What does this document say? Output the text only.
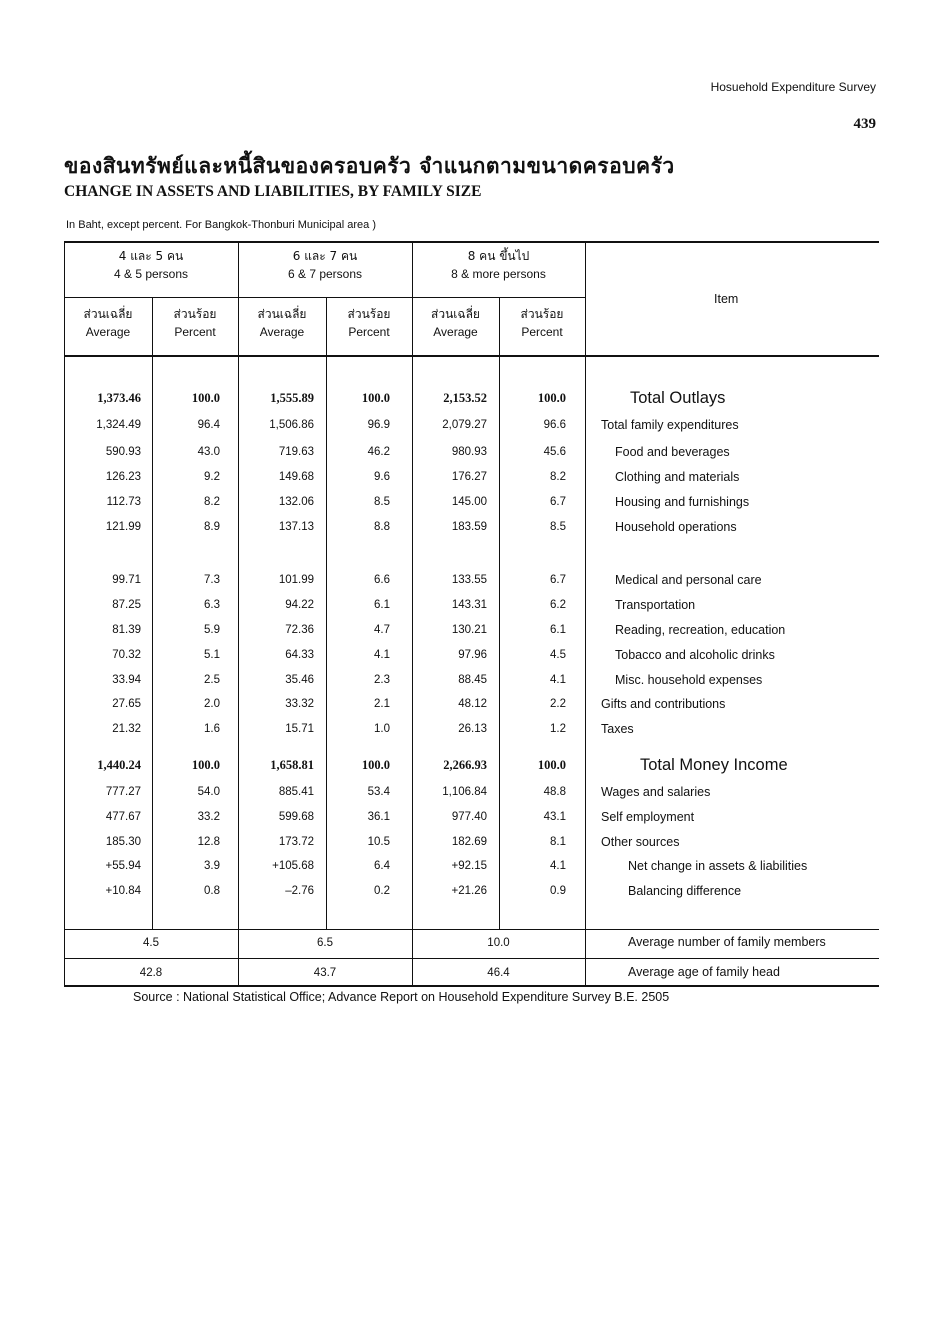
Hosuehold Expenditure Survey
439
ของสินทรัพย์และหนี้สินของครอบครัว จำแนกตามขนาดครอบครัว
CHANGE IN ASSETS AND LIABILITIES, BY FAMILY SIZE
In Baht, except percent. For Bangkok-Thonburi Municipal area )
4 และ 5 คน
4 & 5 persons
6 และ 7 คน
6 & 7 persons
8 คน ขึ้นไป
8 & more persons
ส่วนเฉลี่ย
Average
ส่วนร้อย
Percent
ส่วนเฉลี่ย
Average
ส่วนร้อย
Percent
ส่วนเฉลี่ย
Average
ส่วนร้อย
Percent
Item
1,373.46	100.0	1,555.89	100.0	2,153.52	100.0	Total Outlays
1,324.49	96.4	1,506.86	96.9	2,079.27	96.6	Total family expenditures
590.93	43.0	719.63	46.2	980.93	45.6	Food and beverages
126.23	9.2	149.68	9.6	176.27	8.2	Clothing and materials
112.73	8.2	132.06	8.5	145.00	6.7	Housing and furnishings
121.99	8.9	137.13	8.8	183.59	8.5	Household operations
99.71	7.3	101.99	6.6	133.55	6.7	Medical and personal care
87.25	6.3	94.22	6.1	143.31	6.2	Transportation
81.39	5.9	72.36	4.7	130.21	6.1	Reading, recreation, education
70.32	5.1	64.33	4.1	97.96	4.5	Tobacco and alcoholic drinks
33.94	2.5	35.46	2.3	88.45	4.1	Misc. household expenses
27.65	2.0	33.32	2.1	48.12	2.2	Gifts and contributions
21.32	1.6	15.71	1.0	26.13	1.2	Taxes
1,440.24	100.0	1,658.81	100.0	2,266.93	100.0	Total Money Income
777.27	54.0	885.41	53.4	1,106.84	48.8	Wages and salaries
477.67	33.2	599.68	36.1	977.40	43.1	Self employment
185.30	12.8	173.72	10.5	182.69	8.1	Other sources
+55.94	3.9	+105.68	6.4	+92.15	4.1	Net change in assets & liabilities
+10.84	0.8	–2.76	0.2	+21.26	0.9	Balancing difference
4.5	6.5	10.0	Average number of family members
42.8	43.7	46.4	Average age of family head
Source : National Statistical Office; Advance Report on Household Expenditure Survey B.E. 2505
